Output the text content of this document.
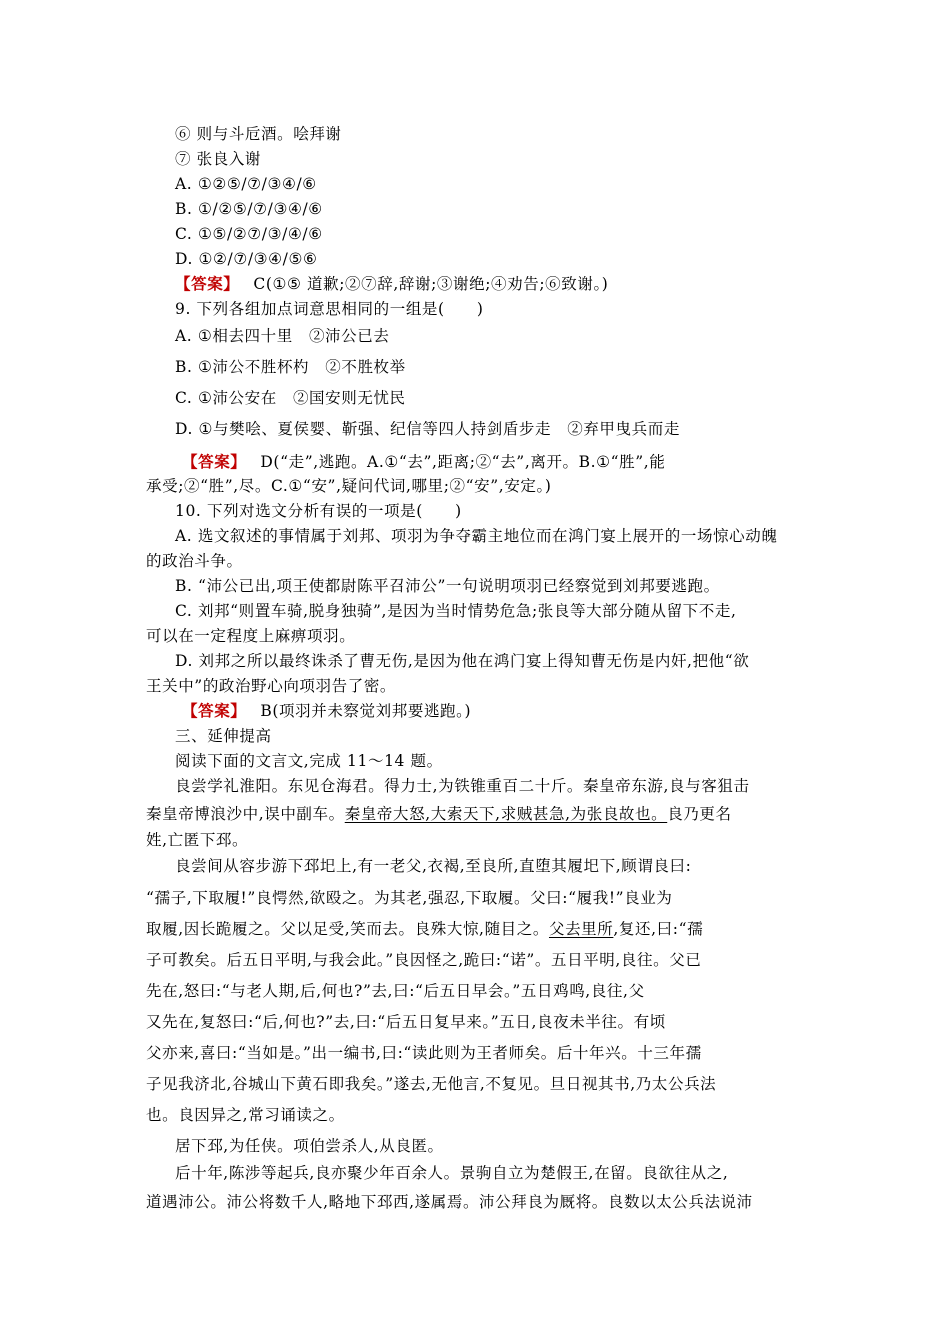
⑥ 则与斗卮酒。哙拜谢
⑦ 张良入谢
A. ①②⑤/⑦/③④/⑥
B. ①/②⑤/⑦/③④/⑥
C. ①⑤/②⑦/③/④/⑥
D. ①②/⑦/③④/⑤⑥
【答案】 C(①⑤ 道歉;②⑦辞,辞谢;③谢绝;④劝告;⑥致谢。)
9. 下列各组加点词意思相同的一组是(　　)
A. ①相去四十里　②沛公已去
B. ①沛公不胜杯杓　②不胜枚举
C. ①沛公安在　②国安则无忧民
D. ①与樊哙、夏侯婴、靳强、纪信等四人持剑盾步走　②弃甲曳兵而走
【答案】 D(“走”,逃跑。A.①“去”,距离;②“去”,离开。B.①“胜”,能
承受;②“胜”,尽。C.①“安”,疑问代词,哪里;②“安”,安定。)
10. 下列对选文分析有误的一项是(　　)
A. 选文叙述的事情属于刘邦、项羽为争夺霸主地位而在鸿门宴上展开的一场惊心动魄
的政治斗争。
B. “沛公已出,项王使都尉陈平召沛公”一句说明项羽已经察觉到刘邦要逃跑。
C. 刘邦“则置车骑,脱身独骑”,是因为当时情势危急;张良等大部分随从留下不走,
可以在一定程度上麻痹项羽。
D. 刘邦之所以最终诛杀了曹无伤,是因为他在鸿门宴上得知曹无伤是内奸,把他“欲
王关中”的政治野心向项羽告了密。
【答案】 B(项羽并未察觉刘邦要逃跑。)
三、延伸提高
阅读下面的文言文,完成 11～14 题。
良尝学礼淮阳。东见仓海君。得力士,为铁锥重百二十斤。秦皇帝东游,良与客狙击
秦皇帝博浪沙中,误中副车。秦皇帝大怒,大索天下,求贼甚急,为张良故也。良乃更名
姓,亡匿下邳。
良尝间从容步游下邳圯上,有一老父,衣褐,至良所,直堕其履圯下,顾谓良曰:
“孺子,下取履!”良愕然,欲殴之。为其老,强忍,下取履。父曰:“履我!”良业为
取履,因长跪履之。父以足受,笑而去。良殊大惊,随目之。父去里所,复还,曰:“孺
子可教矣。后五日平明,与我会此。”良因怪之,跪曰:“诺”。五日平明,良往。父已
先在,怒曰:“与老人期,后,何也?”去,曰:“后五日早会。”五日鸡鸣,良往,父
又先在,复怒曰:“后,何也?”去,曰:“后五日复早来。”五日,良夜未半往。有顷
父亦来,喜曰:“当如是。”出一编书,曰:“读此则为王者师矣。后十年兴。十三年孺
子见我济北,谷城山下黄石即我矣。”遂去,无他言,不复见。旦日视其书,乃太公兵法
也。良因异之,常习诵读之。
居下邳,为任侠。项伯尝杀人,从良匿。
后十年,陈涉等起兵,良亦聚少年百余人。景驹自立为楚假王,在留。良欲往从之,
道遇沛公。沛公将数千人,略地下邳西,遂属焉。沛公拜良为厩将。良数以太公兵法说沛
